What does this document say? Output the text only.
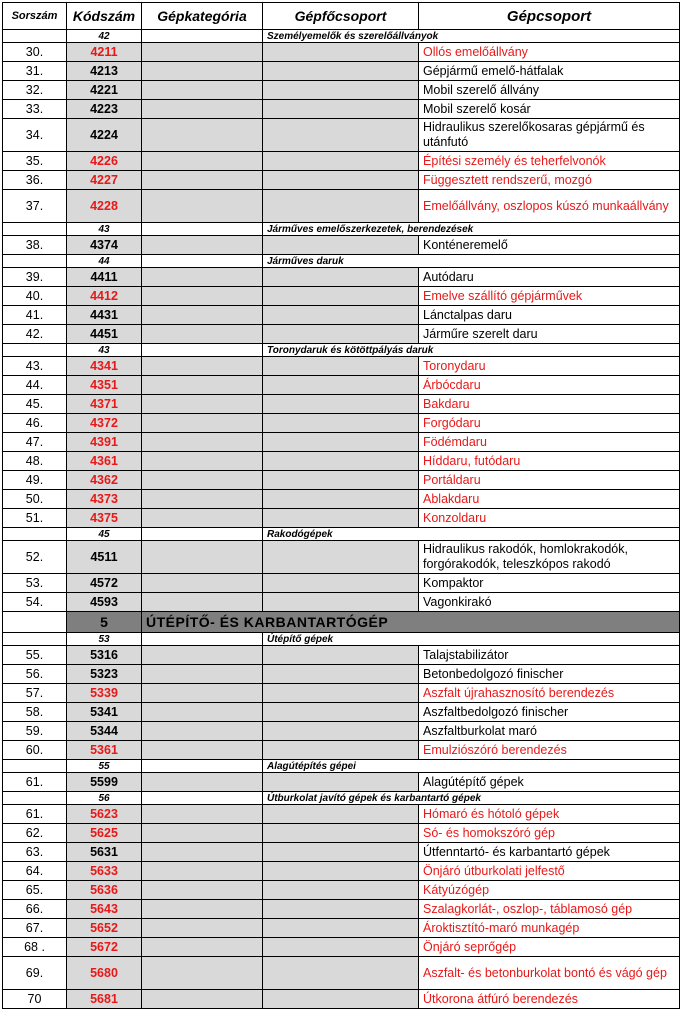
Sorszám	Kódszám	Gépkategória	Gépfőcsoport	Gépcsoport
	42		Személyemelők és szerelőállványok	
30.	4211			Ollós emelőállvány
31.	4213			Gépjármű emelő-hátfalak
32.	4221			Mobil szerelő állvány
33.	4223			Mobil szerelő kosár
34.	4224			Hidraulikus szerelőkosaras gépjármű és utánfutó
35.	4226			Építési személy és teherfelvonók
36.	4227			Függesztett rendszerű, mozgó
37.	4228			Emelőállvány, oszlopos kúszó munkaállvány
	43		Járműves emelőszerkezetek, berendezések	
38.	4374			Konténeremelő
	44		Járműves daruk	
39.	4411			Autódaru
40.	4412			Emelve szállító gépjárművek
41.	4431			Lánctalpas daru
42.	4451			Járműre szerelt daru
	43		Toronydaruk és kötöttpályás daruk	
43.	4341			Toronydaru
44.	4351			Árbócdaru
45.	4371			Bakdaru
46.	4372			Forgódaru
47.	4391			Födémdaru
48.	4361			Híddaru, futódaru
49.	4362			Portáldaru
50.	4373			Ablakdaru
51.	4375			Konzoldaru
	45		Rakodógépek	
52.	4511			Hidraulikus rakodók, homlokrakodók, forgórakodók, teleszkópos rakodó
53.	4572			Kompaktor
54.	4593			Vagonkirakó
	5	ÚTÉPÍTŐ- ÉS KARBANTARTÓGÉP		
	53		Útépítő gépek	
55.	5316			Talajstabilizátor
56.	5323			Betonbedolgozó finischer
57.	5339			Aszfalt újrahasznosító berendezés
58.	5341			Aszfaltbedolgozó finischer
59.	5344			Aszfaltburkolat maró
60.	5361			Emulziószóró berendezés
	55		Alagútépítés gépei	
61.	5599			Alagútépítő gépek
	56		Útburkolat javító gépek és karbantartó gépek	
61.	5623			Hómaró és hótoló gépek
62.	5625			Só- és homokszóró gép
63.	5631			Útfenntartó- és karbantartó gépek
64.	5633			Önjáró útburkolati jelfestő
65.	5636			Kátyúzógép
66.	5643			Szalagkorlát-, oszlop-, táblamosó gép
67.	5652			Ároktisztító-maró munkagép
68 .	5672			Önjáró seprőgép
69.	5680			Aszfalt- és betonburkolat bontó és vágó gép
70	5681			Útkorona átfúró berendezés
